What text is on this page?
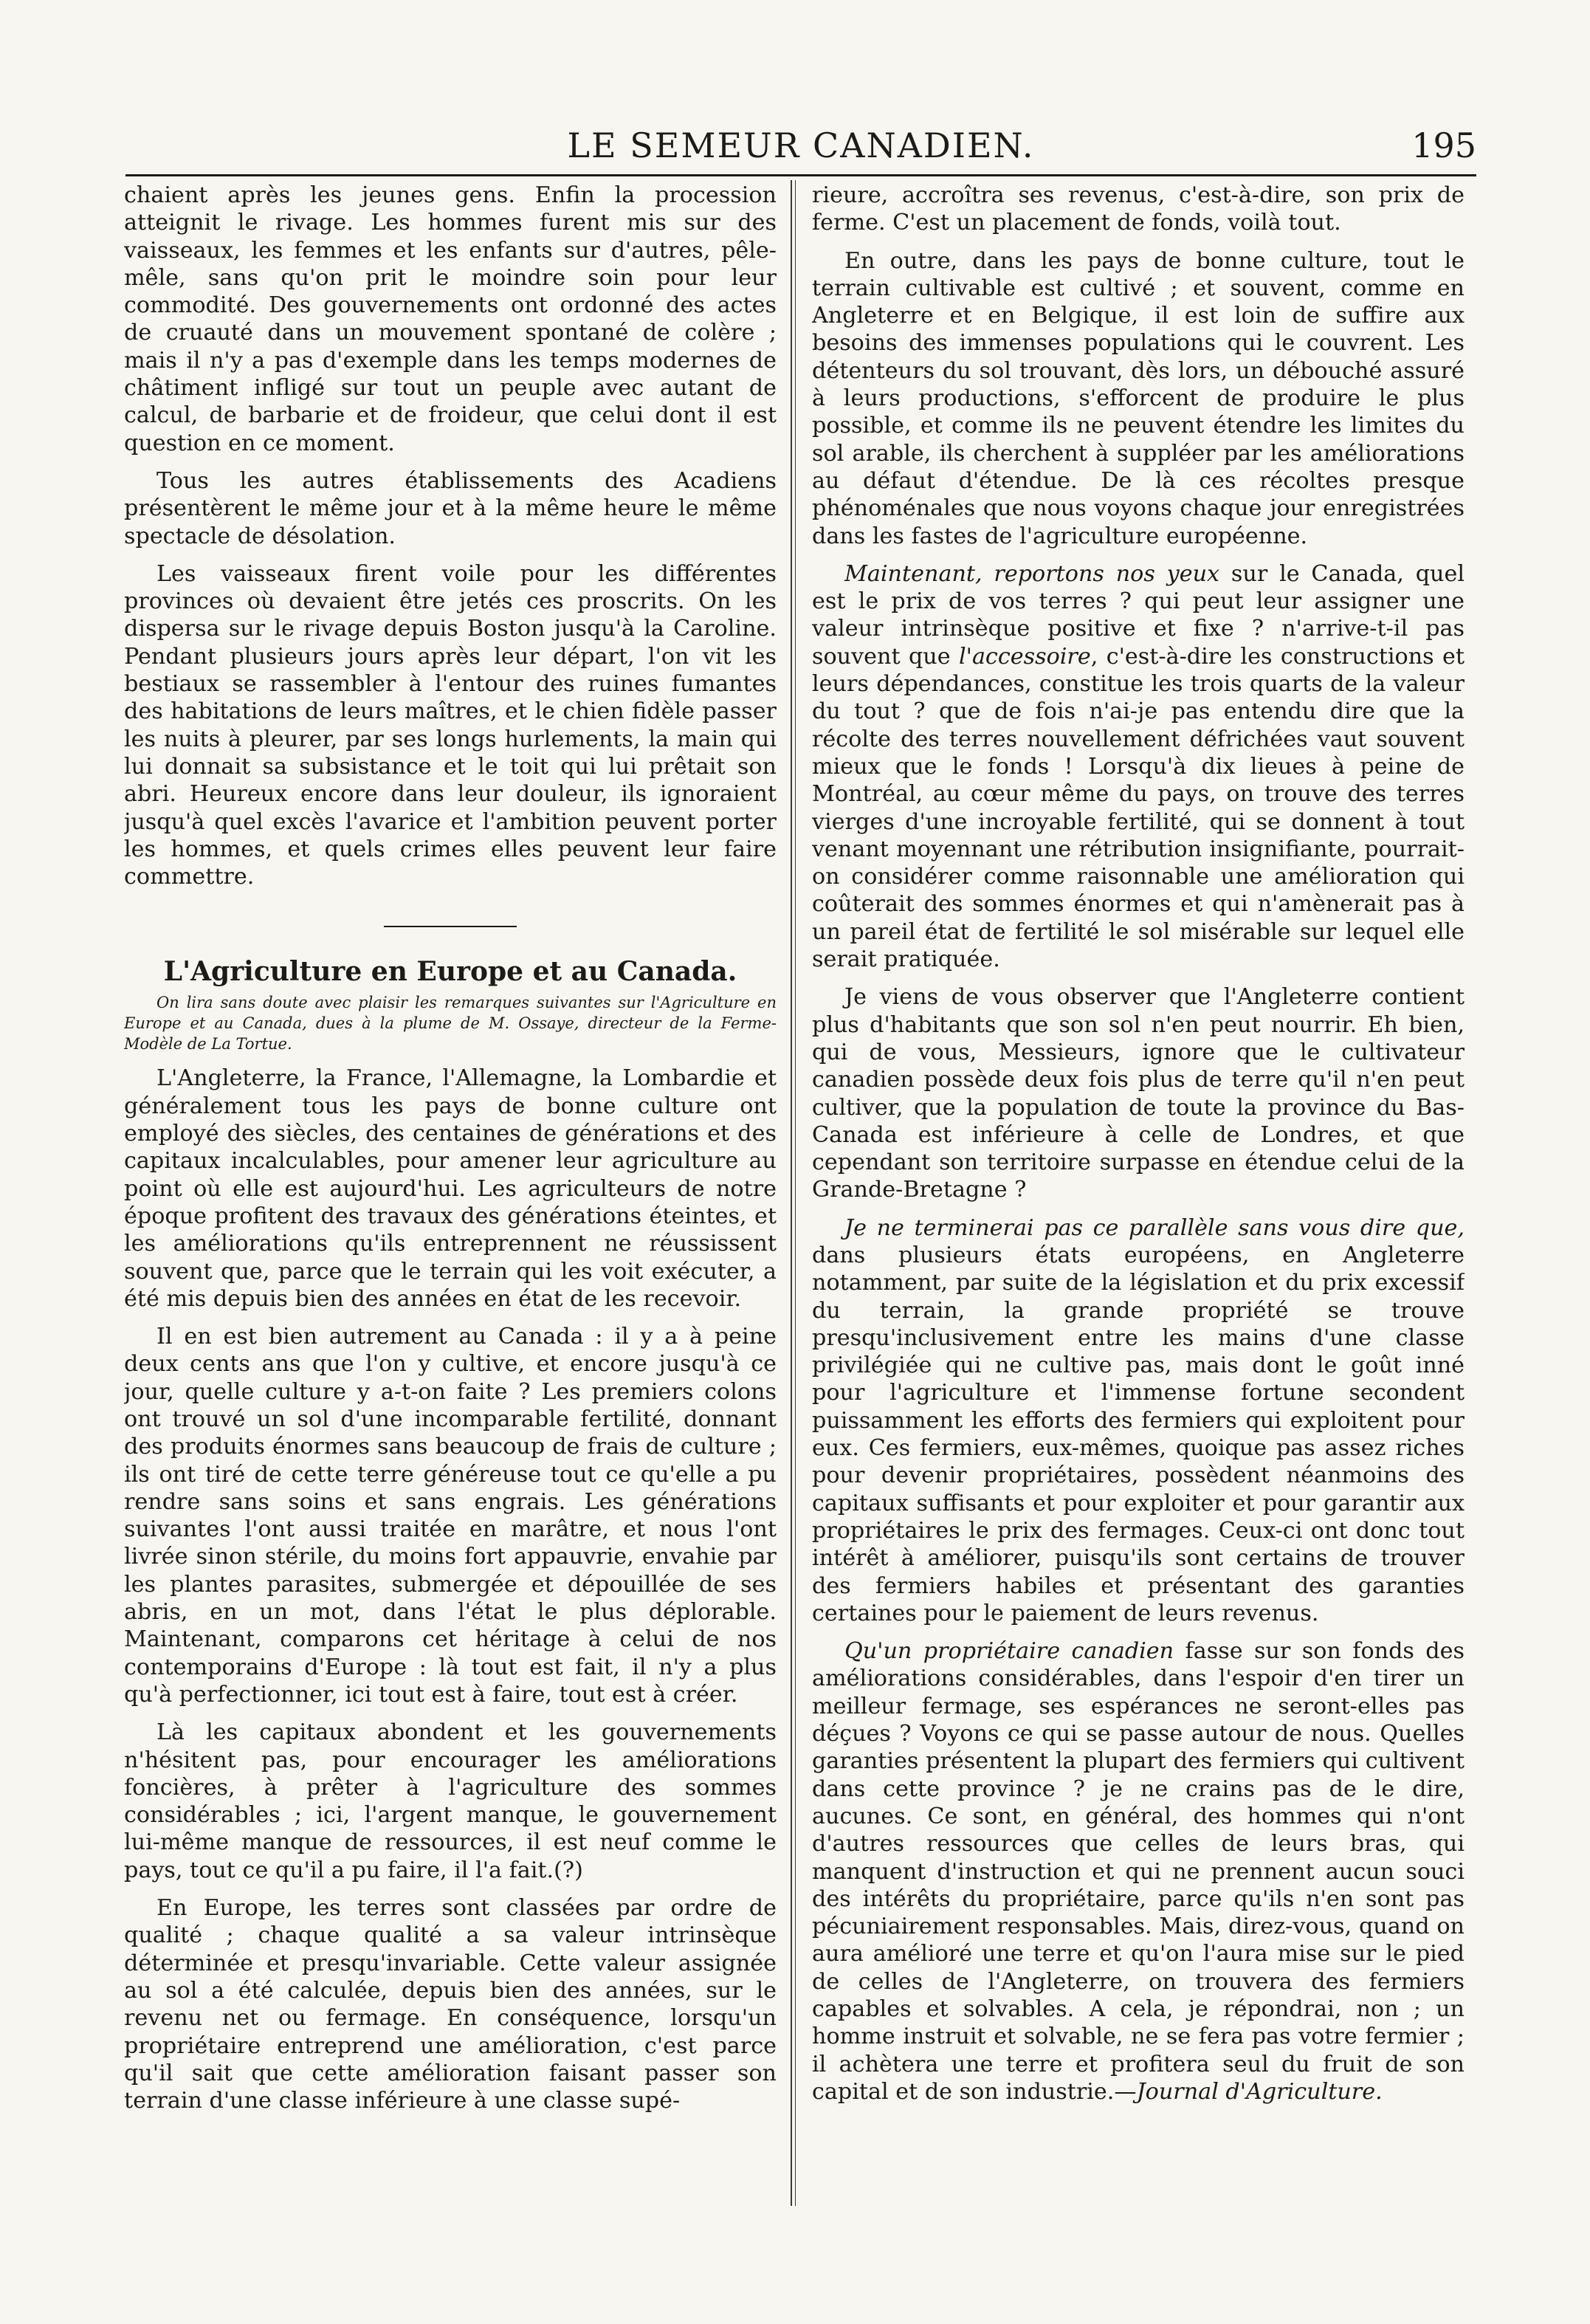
LE SEMEUR CANADIEN.	195

chaient après les jeunes gens. Enfin la procession atteignit le rivage. Les hommes furent mis sur des vaisseaux, les femmes et les enfants sur d'autres, pêle-mêle, sans qu'on prit le moindre soin pour leur commodité. Des gouvernements ont ordonné des actes de cruauté dans un mouvement spontané de colère ; mais il n'y a pas d'exemple dans les temps modernes de châtiment infligé sur tout un peuple avec autant de calcul, de barbarie et de froideur, que celui dont il est question en ce moment.

Tous les autres établissements des Acadiens présentèrent le même jour et à la même heure le même spectacle de désolation.

Les vaisseaux firent voile pour les différentes provinces où devaient être jetés ces proscrits. On les dispersa sur le rivage depuis Boston jusqu'à la Caroline. Pendant plusieurs jours après leur départ, l'on vit les bestiaux se rassembler à l'entour des ruines fumantes des habitations de leurs maîtres, et le chien fidèle passer les nuits à pleurer, par ses longs hurlements, la main qui lui donnait sa subsistance et le toit qui lui prêtait son abri. Heureux encore dans leur douleur, ils ignoraient jusqu'à quel excès l'avarice et l'ambition peuvent porter les hommes, et quels crimes elles peuvent leur faire commettre.

L'Agriculture en Europe et au Canada.
On lira sans doute avec plaisir les remarques suivantes sur l'Agriculture en Europe et au Canada, dues à la plume de M. Ossaye, directeur de la Ferme-Modèle de La Tortue.

L'Angleterre, la France, l'Allemagne, la Lombardie et généralement tous les pays de bonne culture ont employé des siècles, des centaines de générations et des capitaux incalculables, pour amener leur agriculture au point où elle est aujourd'hui. Les agriculteurs de notre époque profitent des travaux des générations éteintes, et les améliorations qu'ils entreprennent ne réussissent souvent que, parce que le terrain qui les voit exécuter, a été mis depuis bien des années en état de les recevoir.

Il en est bien autrement au Canada : il y a à peine deux cents ans que l'on y cultive, et encore jusqu'à ce jour, quelle culture y a-t-on faite ? Les premiers colons ont trouvé un sol d'une incomparable fertilité, donnant des produits énormes sans beaucoup de frais de culture ; ils ont tiré de cette terre généreuse tout ce qu'elle a pu rendre sans soins et sans engrais. Les générations suivantes l'ont aussi traitée en marâtre, et nous l'ont livrée sinon stérile, du moins fort appauvrie, envahie par les plantes parasites, submergée et dépouillée de ses abris, en un mot, dans l'état le plus déplorable. Maintenant, comparons cet héritage à celui de nos contemporains d'Europe : là tout est fait, il n'y a plus qu'à perfectionner, ici tout est à faire, tout est à créer.

Là les capitaux abondent et les gouvernements n'hésitent pas, pour encourager les améliorations foncières, à prêter à l'agriculture des sommes considérables ; ici, l'argent manque, le gouvernement lui-même manque de ressources, il est neuf comme le pays, tout ce qu'il a pu faire, il l'a fait.(?)

En Europe, les terres sont classées par ordre de qualité ; chaque qualité a sa valeur intrinsèque déterminée et presqu'invariable. Cette valeur assignée au sol a été calculée, depuis bien des années, sur le revenu net ou fermage. En conséquence, lorsqu'un propriétaire entreprend une amélioration, c'est parce qu'il sait que cette amélioration faisant passer son terrain d'une classe inférieure à une classe supé-

rieure, accroîtra ses revenus, c'est-à-dire, son prix de ferme. C'est un placement de fonds, voilà tout.

En outre, dans les pays de bonne culture, tout le terrain cultivable est cultivé ; et souvent, comme en Angleterre et en Belgique, il est loin de suffire aux besoins des immenses populations qui le couvrent. Les détenteurs du sol trouvant, dès lors, un débouché assuré à leurs productions, s'efforcent de produire le plus possible, et comme ils ne peuvent étendre les limites du sol arable, ils cherchent à suppléer par les améliorations au défaut d'étendue. De là ces récoltes presque phénoménales que nous voyons chaque jour enregistrées dans les fastes de l'agriculture européenne.

Maintenant, reportons nos yeux sur le Canada, quel est le prix de vos terres ? qui peut leur assigner une valeur intrinsèque positive et fixe ? n'arrive-t-il pas souvent que l'accessoire, c'est-à-dire les constructions et leurs dépendances, constitue les trois quarts de la valeur du tout ? que de fois n'ai-je pas entendu dire que la récolte des terres nouvellement défrichées vaut souvent mieux que le fonds ! Lorsqu'à dix lieues à peine de Montréal, au cœur même du pays, on trouve des terres vierges d'une incroyable fertilité, qui se donnent à tout venant moyennant une rétribution insignifiante, pourrait-on considérer comme raisonnable une amélioration qui coûterait des sommes énormes et qui n'amènerait pas à un pareil état de fertilité le sol misérable sur lequel elle serait pratiquée.

Je viens de vous observer que l'Angleterre contient plus d'habitants que son sol n'en peut nourrir. Eh bien, qui de vous, Messieurs, ignore que le cultivateur canadien possède deux fois plus de terre qu'il n'en peut cultiver, que la population de toute la province du Bas-Canada est inférieure à celle de Londres, et que cependant son territoire surpasse en étendue celui de la Grande-Bretagne ?

Je ne terminerai pas ce parallèle sans vous dire que, dans plusieurs états européens, en Angleterre notamment, par suite de la législation et du prix excessif du terrain, la grande propriété se trouve presqu'inclusivement entre les mains d'une classe privilégiée qui ne cultive pas, mais dont le goût inné pour l'agriculture et l'immense fortune secondent puissamment les efforts des fermiers qui exploitent pour eux. Ces fermiers, eux-mêmes, quoique pas assez riches pour devenir propriétaires, possèdent néanmoins des capitaux suffisants et pour exploiter et pour garantir aux propriétaires le prix des fermages. Ceux-ci ont donc tout intérêt à améliorer, puisqu'ils sont certains de trouver des fermiers habiles et présentant des garanties certaines pour le paiement de leurs revenus.

Qu'un propriétaire canadien fasse sur son fonds des améliorations considérables, dans l'espoir d'en tirer un meilleur fermage, ses espérances ne seront-elles pas déçues ? Voyons ce qui se passe autour de nous. Quelles garanties présentent la plupart des fermiers qui cultivent dans cette province ? je ne crains pas de le dire, aucunes. Ce sont, en général, des hommes qui n'ont d'autres ressources que celles de leurs bras, qui manquent d'instruction et qui ne prennent aucun souci des intérêts du propriétaire, parce qu'ils n'en sont pas pécuniairement responsables. Mais, direz-vous, quand on aura amélioré une terre et qu'on l'aura mise sur le pied de celles de l'Angleterre, on trouvera des fermiers capables et solvables. A cela, je répondrai, non ; un homme instruit et solvable, ne se fera pas votre fermier ; il achètera une terre et profitera seul du fruit de son capital et de son industrie.—Journal d'Agriculture.
